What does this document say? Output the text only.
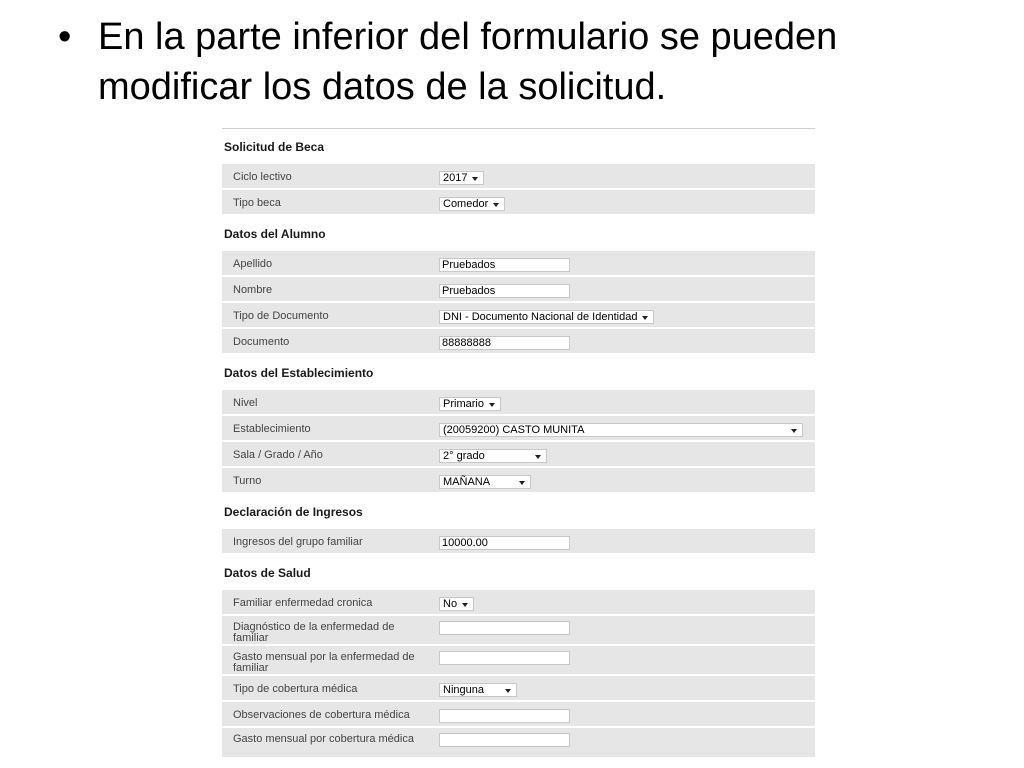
• En la parte inferior del formulario se pueden modificar los datos de la solicitud.
Solicitud de Beca
Ciclo lectivo	2017
Tipo beca	Comedor
Datos del Alumno
Apellido	Pruebados
Nombre	Pruebados
Tipo de Documento	DNI - Documento Nacional de Identidad
Documento	88888888
Datos del Establecimiento
Nivel	Primario
Establecimiento	(20059200) CASTO MUNITA
Sala / Grado / Año	2° grado
Turno	MAÑANA
Declaración de Ingresos
Ingresos del grupo familiar	10000.00
Datos de Salud
Familiar enfermedad cronica	No
Diagnóstico de la enfermedad de familiar
Gasto mensual por la enfermedad de familiar
Tipo de cobertura médica	Ninguna
Observaciones de cobertura médica
Gasto mensual por cobertura médica
